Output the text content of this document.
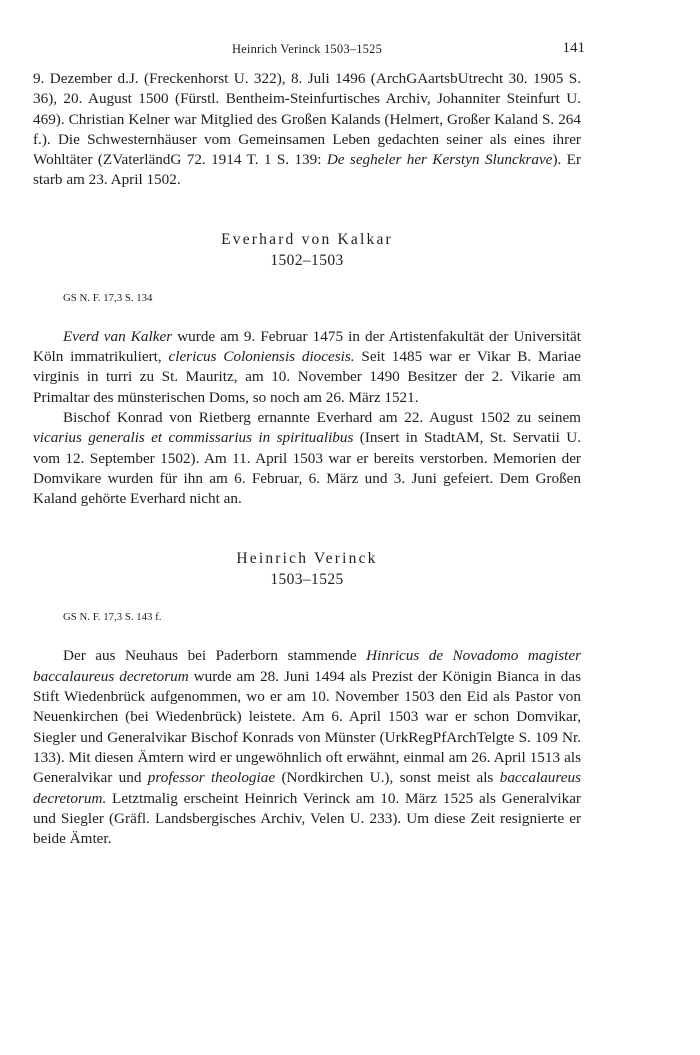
Heinrich Verinck 1503–1525	141

9. Dezember d.J. (Freckenhorst U. 322), 8. Juli 1496 (ArchGAartsbUtrecht 30. 1905 S. 36), 20. August 1500 (Fürstl. Bentheim-Steinfurtisches Archiv, Johanniter Steinfurt U. 469). Christian Kelner war Mitglied des Großen Kalands (Helmert, Großer Kaland S. 264 f.). Die Schwesternhäuser vom Gemeinsamen Leben gedachten seiner als eines ihrer Wohltäter (ZVaterländG 72. 1914 T. 1 S. 139: De segheler her Kerstyn Slunckrave). Er starb am 23. April 1502.

Everhard von Kalkar
1502–1503
GS N. F. 17,3 S. 134

Everd van Kalker wurde am 9. Februar 1475 in der Artistenfakultät der Universität Köln immatrikuliert, clericus Coloniensis diocesis. Seit 1485 war er Vikar B. Mariae virginis in turri zu St. Mauritz, am 10. November 1490 Besitzer der 2. Vikarie am Primaltar des münsterischen Doms, so noch am 26. März 1521.

Bischof Konrad von Rietberg ernannte Everhard am 22. August 1502 zu seinem vicarius generalis et commissarius in spiritualibus (Insert in StadtAM, St. Servatii U. vom 12. September 1502). Am 11. April 1503 war er bereits verstorben. Memorien der Domvikare wurden für ihn am 6. Februar, 6. März und 3. Juni gefeiert. Dem Großen Kaland gehörte Everhard nicht an.

Heinrich Verinck
1503–1525
GS N. F. 17,3 S. 143 f.

Der aus Neuhaus bei Paderborn stammende Hinricus de Novadomo magister baccalaureus decretorum wurde am 28. Juni 1494 als Prezist der Königin Bianca in das Stift Wiedenbrück aufgenommen, wo er am 10. November 1503 den Eid als Pastor von Neuenkirchen (bei Wiedenbrück) leistete. Am 6. April 1503 war er schon Domvikar, Siegler und Generalvikar Bischof Konrads von Münster (UrkRegPfArchTelgte S. 109 Nr. 133). Mit diesen Ämtern wird er ungewöhnlich oft erwähnt, einmal am 26. April 1513 als Generalvikar und professor theologiae (Nordkirchen U.), sonst meist als baccalaureus decretorum. Letztmalig erscheint Heinrich Verinck am 10. März 1525 als Generalvikar und Siegler (Gräfl. Landsbergisches Archiv, Velen U. 233). Um diese Zeit resignierte er beide Ämter.
